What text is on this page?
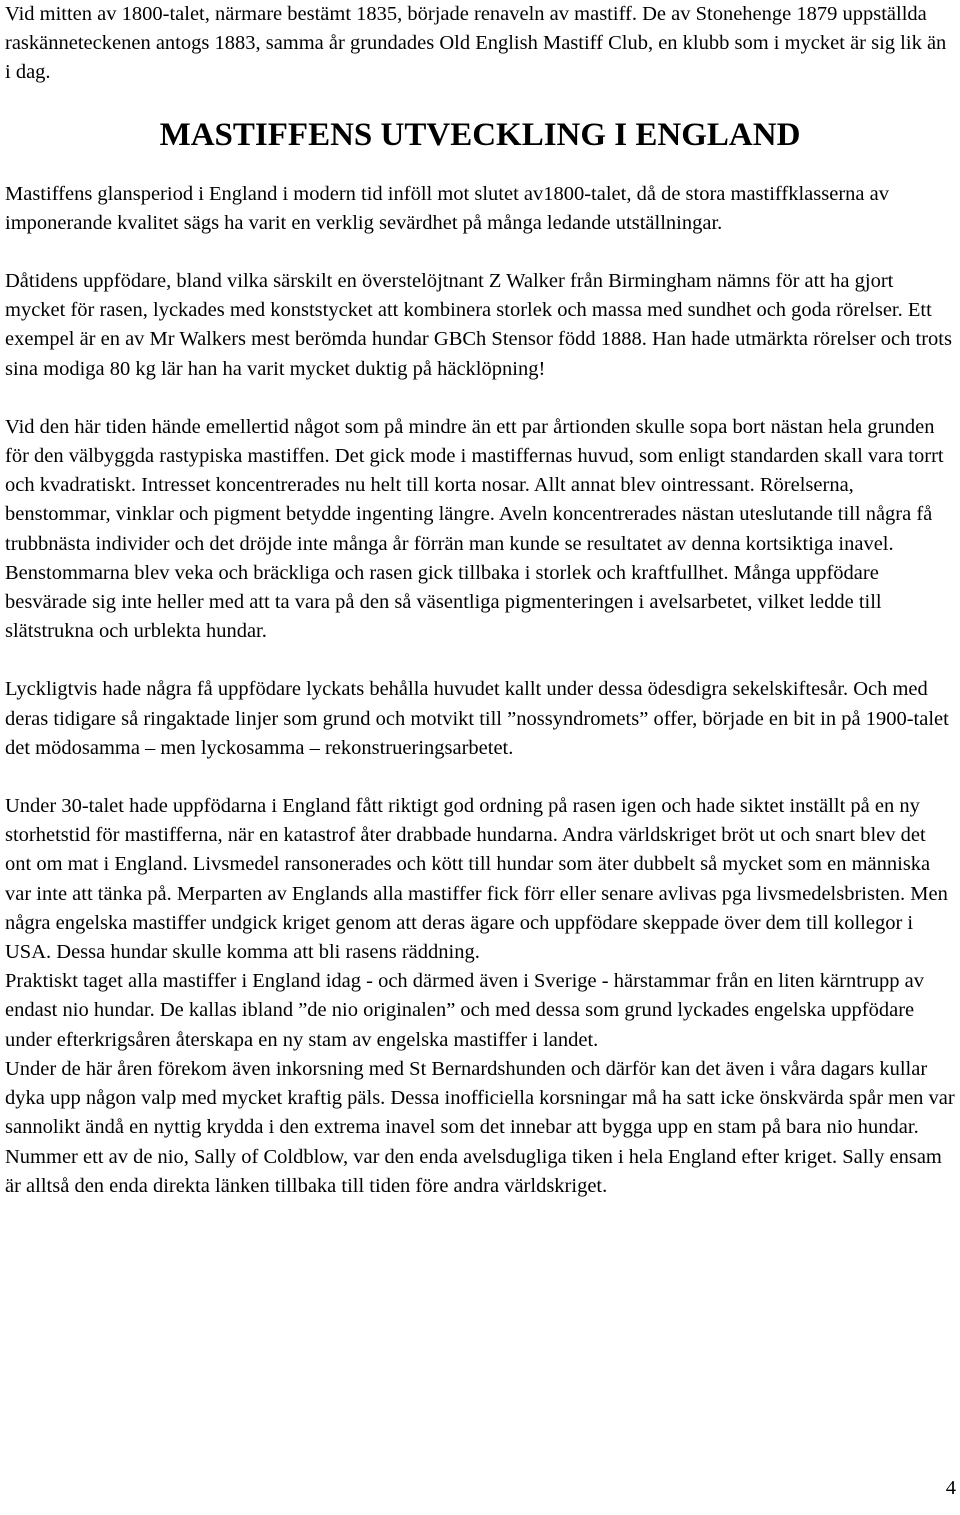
Vid mitten av 1800-talet, närmare bestämt 1835, började renaveln av mastiff. De av Stonehenge 1879 uppställda raskänneteckenen antogs 1883, samma år grundades Old English Mastiff Club, en klubb som i mycket är sig lik än i dag.

MASTIFFENS UTVECKLING I ENGLAND

Mastiffens glansperiod i England i modern tid inföll mot slutet av1800-talet, då de stora mastiffklasserna av imponerande kvalitet sägs ha varit en verklig sevärdhet på många ledande utställningar.

Dåtidens uppfödare, bland vilka särskilt en överstelöjtnant Z Walker från Birmingham nämns för att ha gjort mycket för rasen, lyckades med konststycket att kombinera storlek och massa med sundhet och goda rörelser. Ett exempel är en av Mr Walkers mest berömda hundar GBCh Stensor född 1888. Han hade utmärkta rörelser och trots sina modiga 80 kg lär han ha varit mycket duktig på häcklöpning!

Vid den här tiden hände emellertid något som på mindre än ett par årtionden skulle sopa bort nästan hela grunden för den välbyggda rastypiska mastiffen. Det gick mode i mastiffernas huvud, som enligt standarden skall vara torrt och kvadratiskt. Intresset koncentrerades nu helt till korta nosar. Allt annat blev ointressant. Rörelserna, benstommar, vinklar och pigment betydde ingenting längre. Aveln koncentrerades nästan uteslutande till några få trubbnästa individer och det dröjde inte många år förrän man kunde se resultatet av denna kortsiktiga inavel. Benstommarna blev veka och bräckliga och rasen gick tillbaka i storlek och kraftfullhet. Många uppfödare besvärade sig inte heller med att ta vara på den så väsentliga pigmenteringen i avelsarbetet, vilket ledde till slätstrukna och urblekta hundar.

Lyckligtvis hade några få uppfödare lyckats behålla huvudet kallt under dessa ödesdigra sekelskiftesår. Och med deras tidigare så ringaktade linjer som grund och motvikt till ”nossyndromets” offer, började en bit in på 1900-talet det mödosamma – men lyckosamma – rekonstrueringsarbetet.

Under 30-talet hade uppfödarna i England fått riktigt god ordning på rasen igen och hade siktet inställt på en ny storhetstid för mastifferna, när en katastrof åter drabbade hundarna. Andra världskriget bröt ut och snart blev det ont om mat i England. Livsmedel ransonerades och kött till hundar som äter dubbelt så mycket som en människa var inte att tänka på. Merparten av Englands alla mastiffer fick förr eller senare avlivas pga livsmedelsbristen. Men några engelska mastiffer undgick kriget genom att deras ägare och uppfödare skeppade över dem till kollegor i USA. Dessa hundar skulle komma att bli rasens räddning.

Praktiskt taget alla mastiffer i England idag - och därmed även i Sverige - härstammar från en liten kärntrupp av endast nio hundar. De kallas ibland ”de nio originalen” och med dessa som grund lyckades engelska uppfödare under efterkrigsåren återskapa en ny stam av engelska mastiffer i landet.

Under de här åren förekom även inkorsning med St Bernardshunden och därför kan det även i våra dagars kullar dyka upp någon valp med mycket kraftig päls. Dessa inofficiella korsningar må ha satt icke önskvärda spår men var sannolikt ändå en nyttig krydda i den extrema inavel som det innebar att bygga upp en stam på bara nio hundar.

Nummer ett av de nio, Sally of Coldblow, var den enda avelsdugliga tiken i hela England efter kriget. Sally ensam är alltså den enda direkta länken tillbaka till tiden före andra världskriget.

4
